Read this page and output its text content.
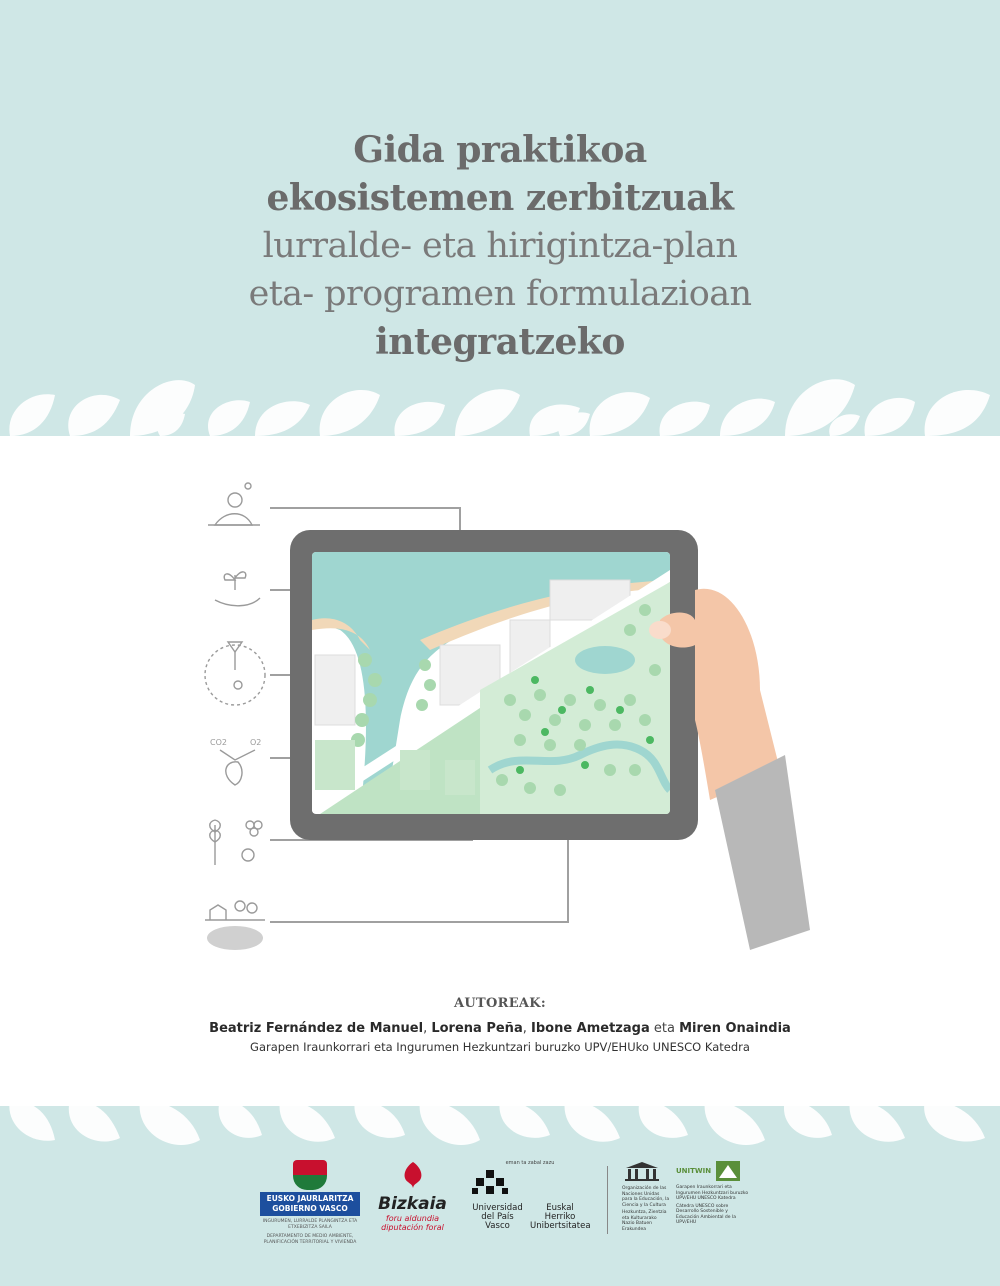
Gida praktikoa
ekosistemen zerbitzuak
lurralde- eta hirigintza-plan
eta- programen formulazioan
integratzeko
CO2	O2
AUTOREAK:
Beatriz Fernández de Manuel, Lorena Peña, Ibone Ametzaga eta Miren Onaindia
Garapen Iraunkorrari eta Ingurumen Hezkuntzari buruzko UPV/EHUko UNESCO Katedra
EUSKO JAURLARITZA
GOBIERNO VASCO
INGURUMEN, LURRALDE PLANGINTZA ETA ETXEBIZITZA SAILA
DEPARTAMENTO DE MEDIO AMBIENTE, PLANIFICACIÓN TERRITORIAL Y VIVIENDA
Bizkaia
foru aldundia
diputación foral
eman ta zabal zazu
Universidad del País Vasco
Euskal Herriko Unibertsitatea
Organización de las Naciones Unidas para la Educación, la Ciencia y la Cultura
Hezkuntza, Zientzia eta Kulturarako Nazio Batuen Erakundea
UNITWIN
Garapen Iraunkorrari eta Ingurumen Hezkuntzari buruzko UPV/EHU UNESCO Katedra
Cátedra UNESCO sobre Desarrollo Sostenible y Educación Ambiental de la UPV/EHU
